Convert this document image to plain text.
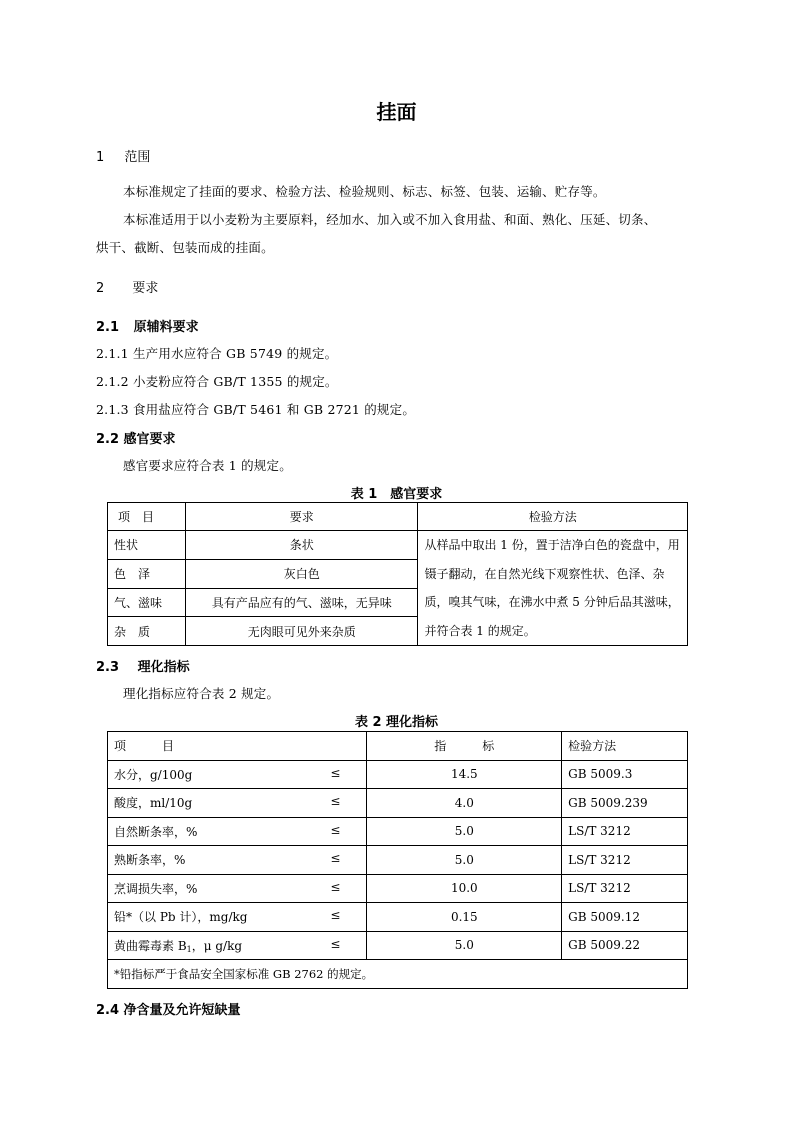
挂面
1 范围
本标准规定了挂面的要求、检验方法、检验规则、标志、标签、包装、运输、贮存等。
本标准适用于以小麦粉为主要原料，经加水、加入或不加入食用盐、和面、熟化、压延、切条、
烘干、截断、包装而成的挂面。
2 要求
2.1 原辅料要求
2.1.1 生产用水应符合 GB 5749 的规定。
2.1.2 小麦粉应符合 GB/T 1355 的规定。
2.1.3 食用盐应符合 GB/T 5461 和 GB 2721 的规定。
2.2 感官要求
感官要求应符合表 1 的规定。
表 1　感官要求
项　目	要求	检验方法
性状	条状	从样品中取出 1 份，置于洁净白色的瓷盘中，用镊子翻动，在自然光线下观察性状、色泽、杂质，嗅其气味，在沸水中煮 5 分钟后品其滋味，并符合表 1 的规定。
色　泽	灰白色	
气、滋味	具有产品应有的气、滋味，无异味	
杂　质	无肉眼可见外来杂质	
2.3 理化指标
理化指标应符合表 2 规定。
表 2 理化指标
项　　　目	指　　　标	检验方法
水分，g/100g ≤	14.5	GB 5009.3
酸度，ml/10g ≤	4.0	GB 5009.239
自然断条率，% ≤	5.0	LS/T 3212
熟断条率，% ≤	5.0	LS/T 3212
烹调损失率，% ≤	10.0	LS/T 3212
铅*（以 Pb 计），mg/kg ≤	0.15	GB 5009.12
黄曲霉毒素 $B_1$，μ g/kg ≤	5.0	GB 5009.22
*铅指标严于食品安全国家标准 GB 2762 的规定。		
2.4 净含量及允许短缺量
